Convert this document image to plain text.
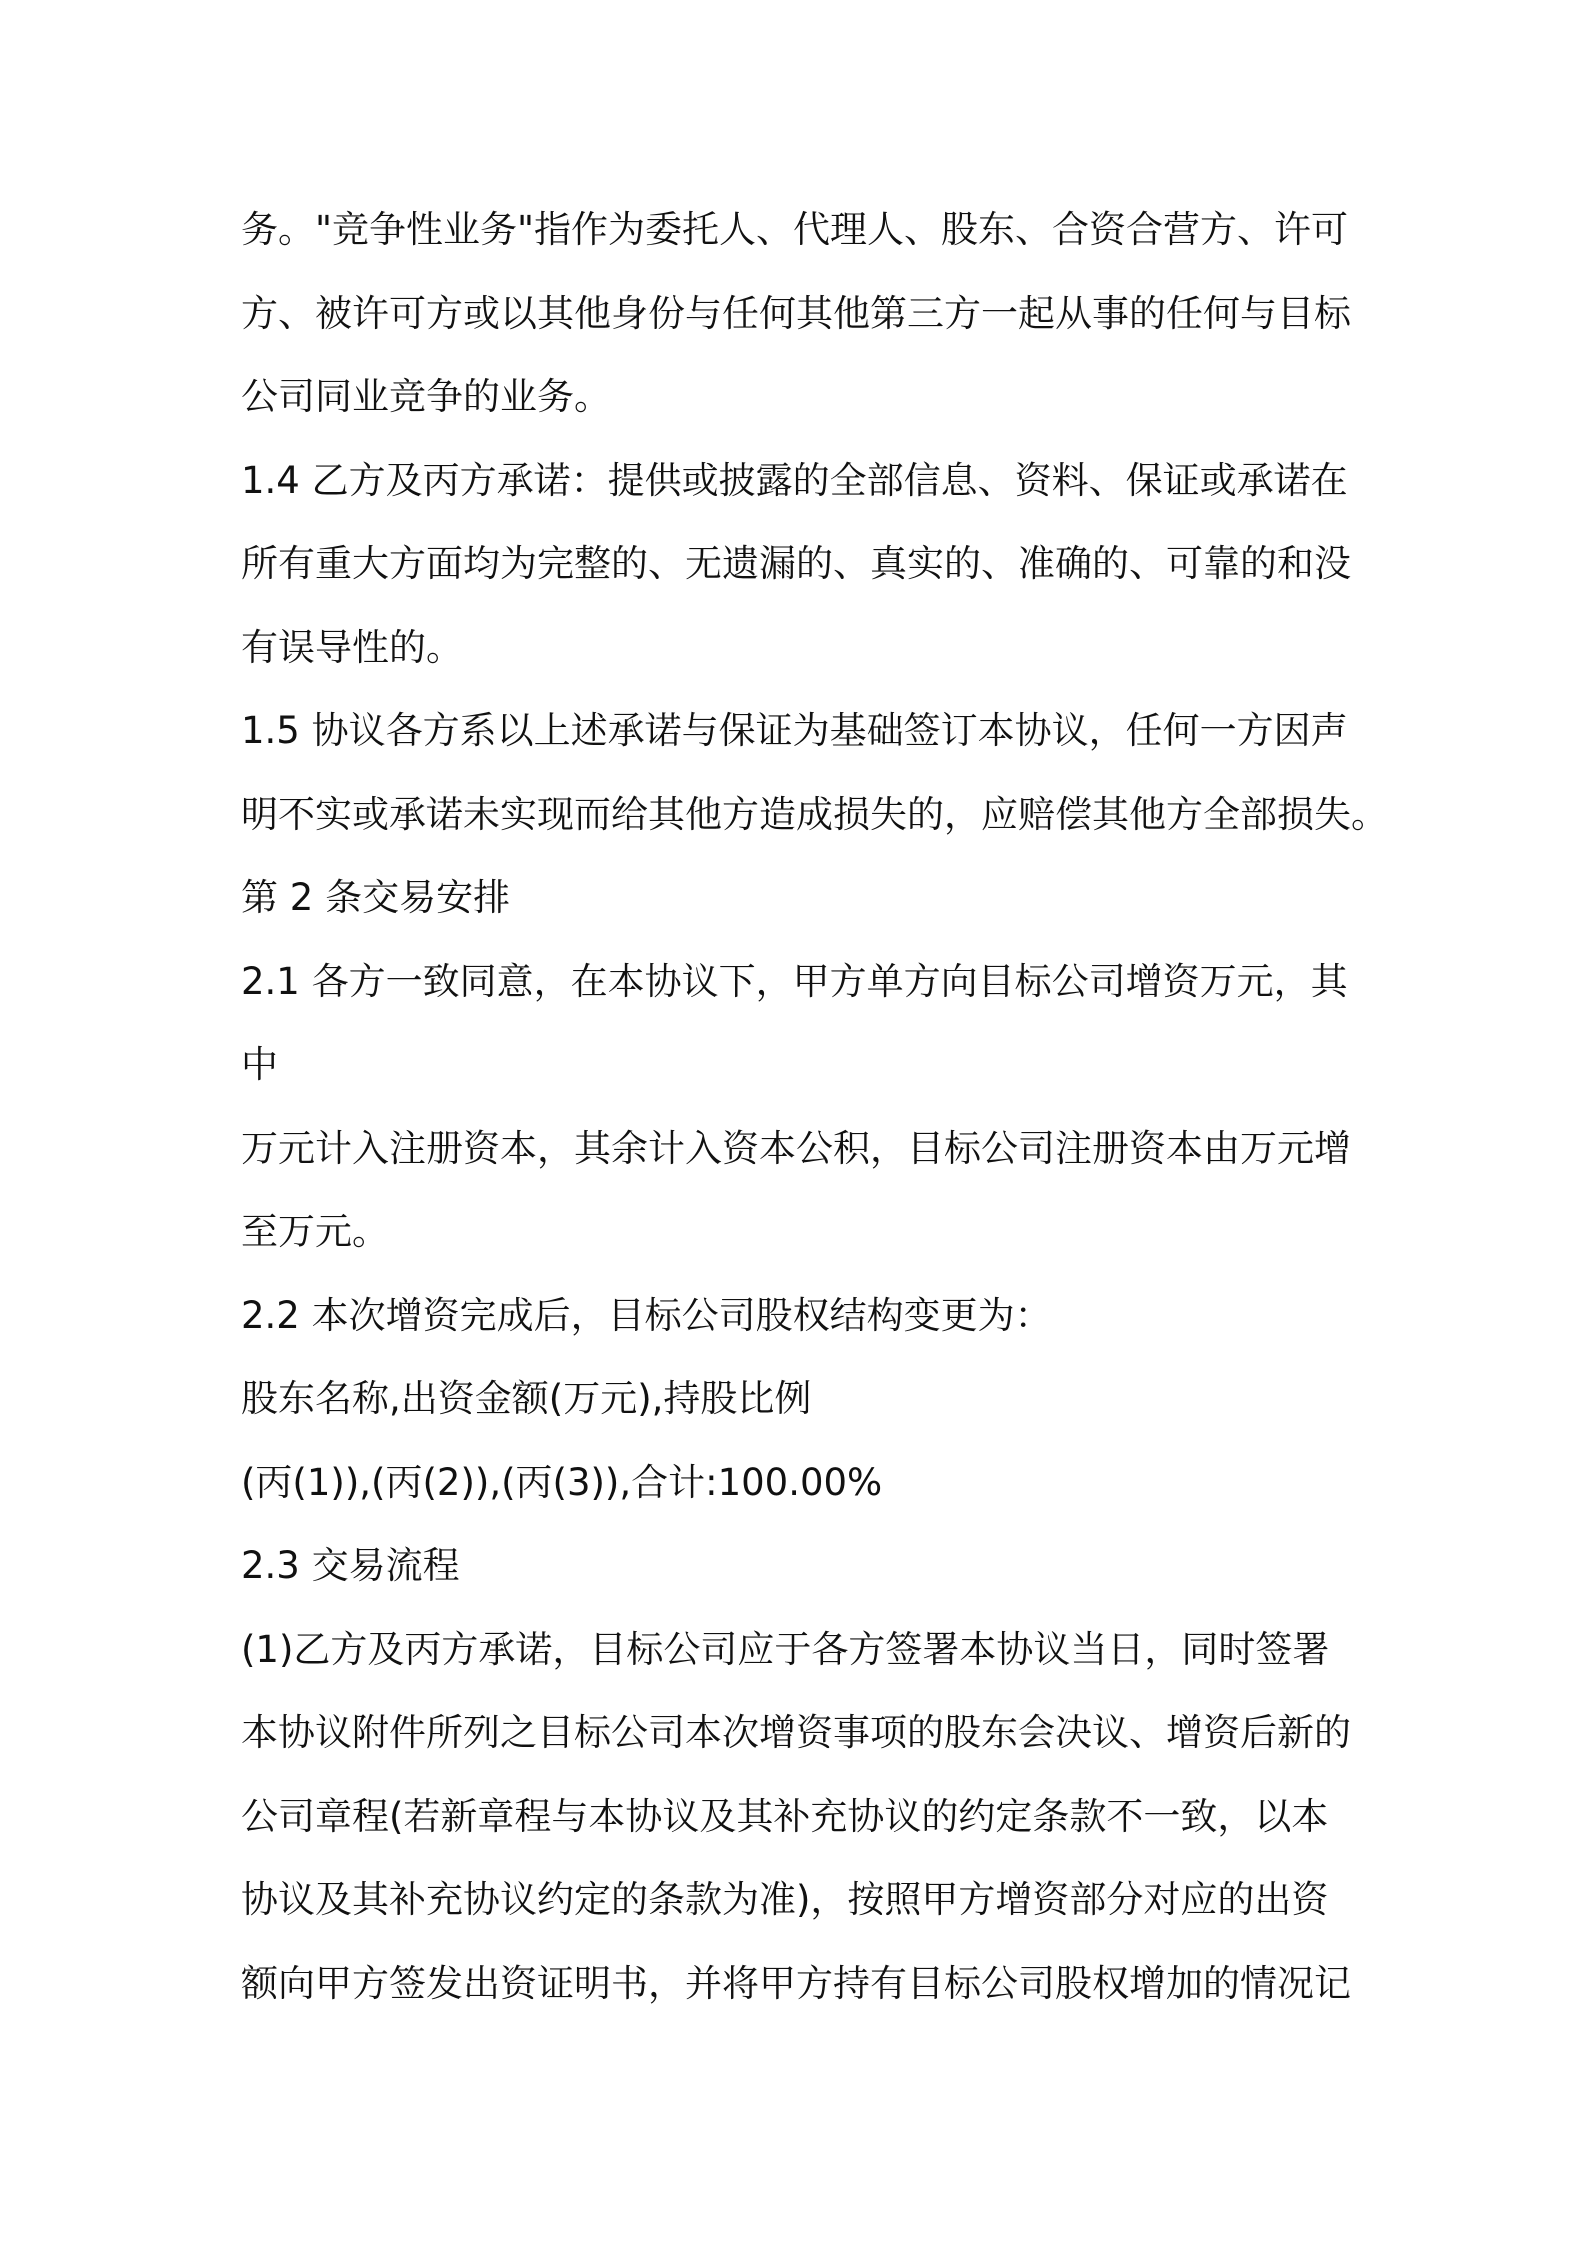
务。"竞争性业务"指作为委托人、代理人、股东、合资合营方、许可
方、被许可方或以其他身份与任何其他第三方一起从事的任何与目标
公司同业竞争的业务。
1.4 乙方及丙方承诺：提供或披露的全部信息、资料、保证或承诺在
所有重大方面均为完整的、无遗漏的、真实的、准确的、可靠的和没
有误导性的。
1.5 协议各方系以上述承诺与保证为基础签订本协议，任何一方因声
明不实或承诺未实现而给其他方造成损失的，应赔偿其他方全部损失。
第 2 条交易安排
2.1 各方一致同意，在本协议下，甲方单方向目标公司增资万元，其
中
万元计入注册资本，其余计入资本公积，目标公司注册资本由万元增
至万元。
2.2 本次增资完成后，目标公司股权结构变更为：
股东名称,出资金额(万元),持股比例
(丙(1)),(丙(2)),(丙(3)),合计:100.00%
2.3 交易流程
(1)乙方及丙方承诺，目标公司应于各方签署本协议当日，同时签署
本协议附件所列之目标公司本次增资事项的股东会决议、增资后新的
公司章程(若新章程与本协议及其补充协议的约定条款不一致，以本
协议及其补充协议约定的条款为准)，按照甲方增资部分对应的出资
额向甲方签发出资证明书，并将甲方持有目标公司股权增加的情况记
